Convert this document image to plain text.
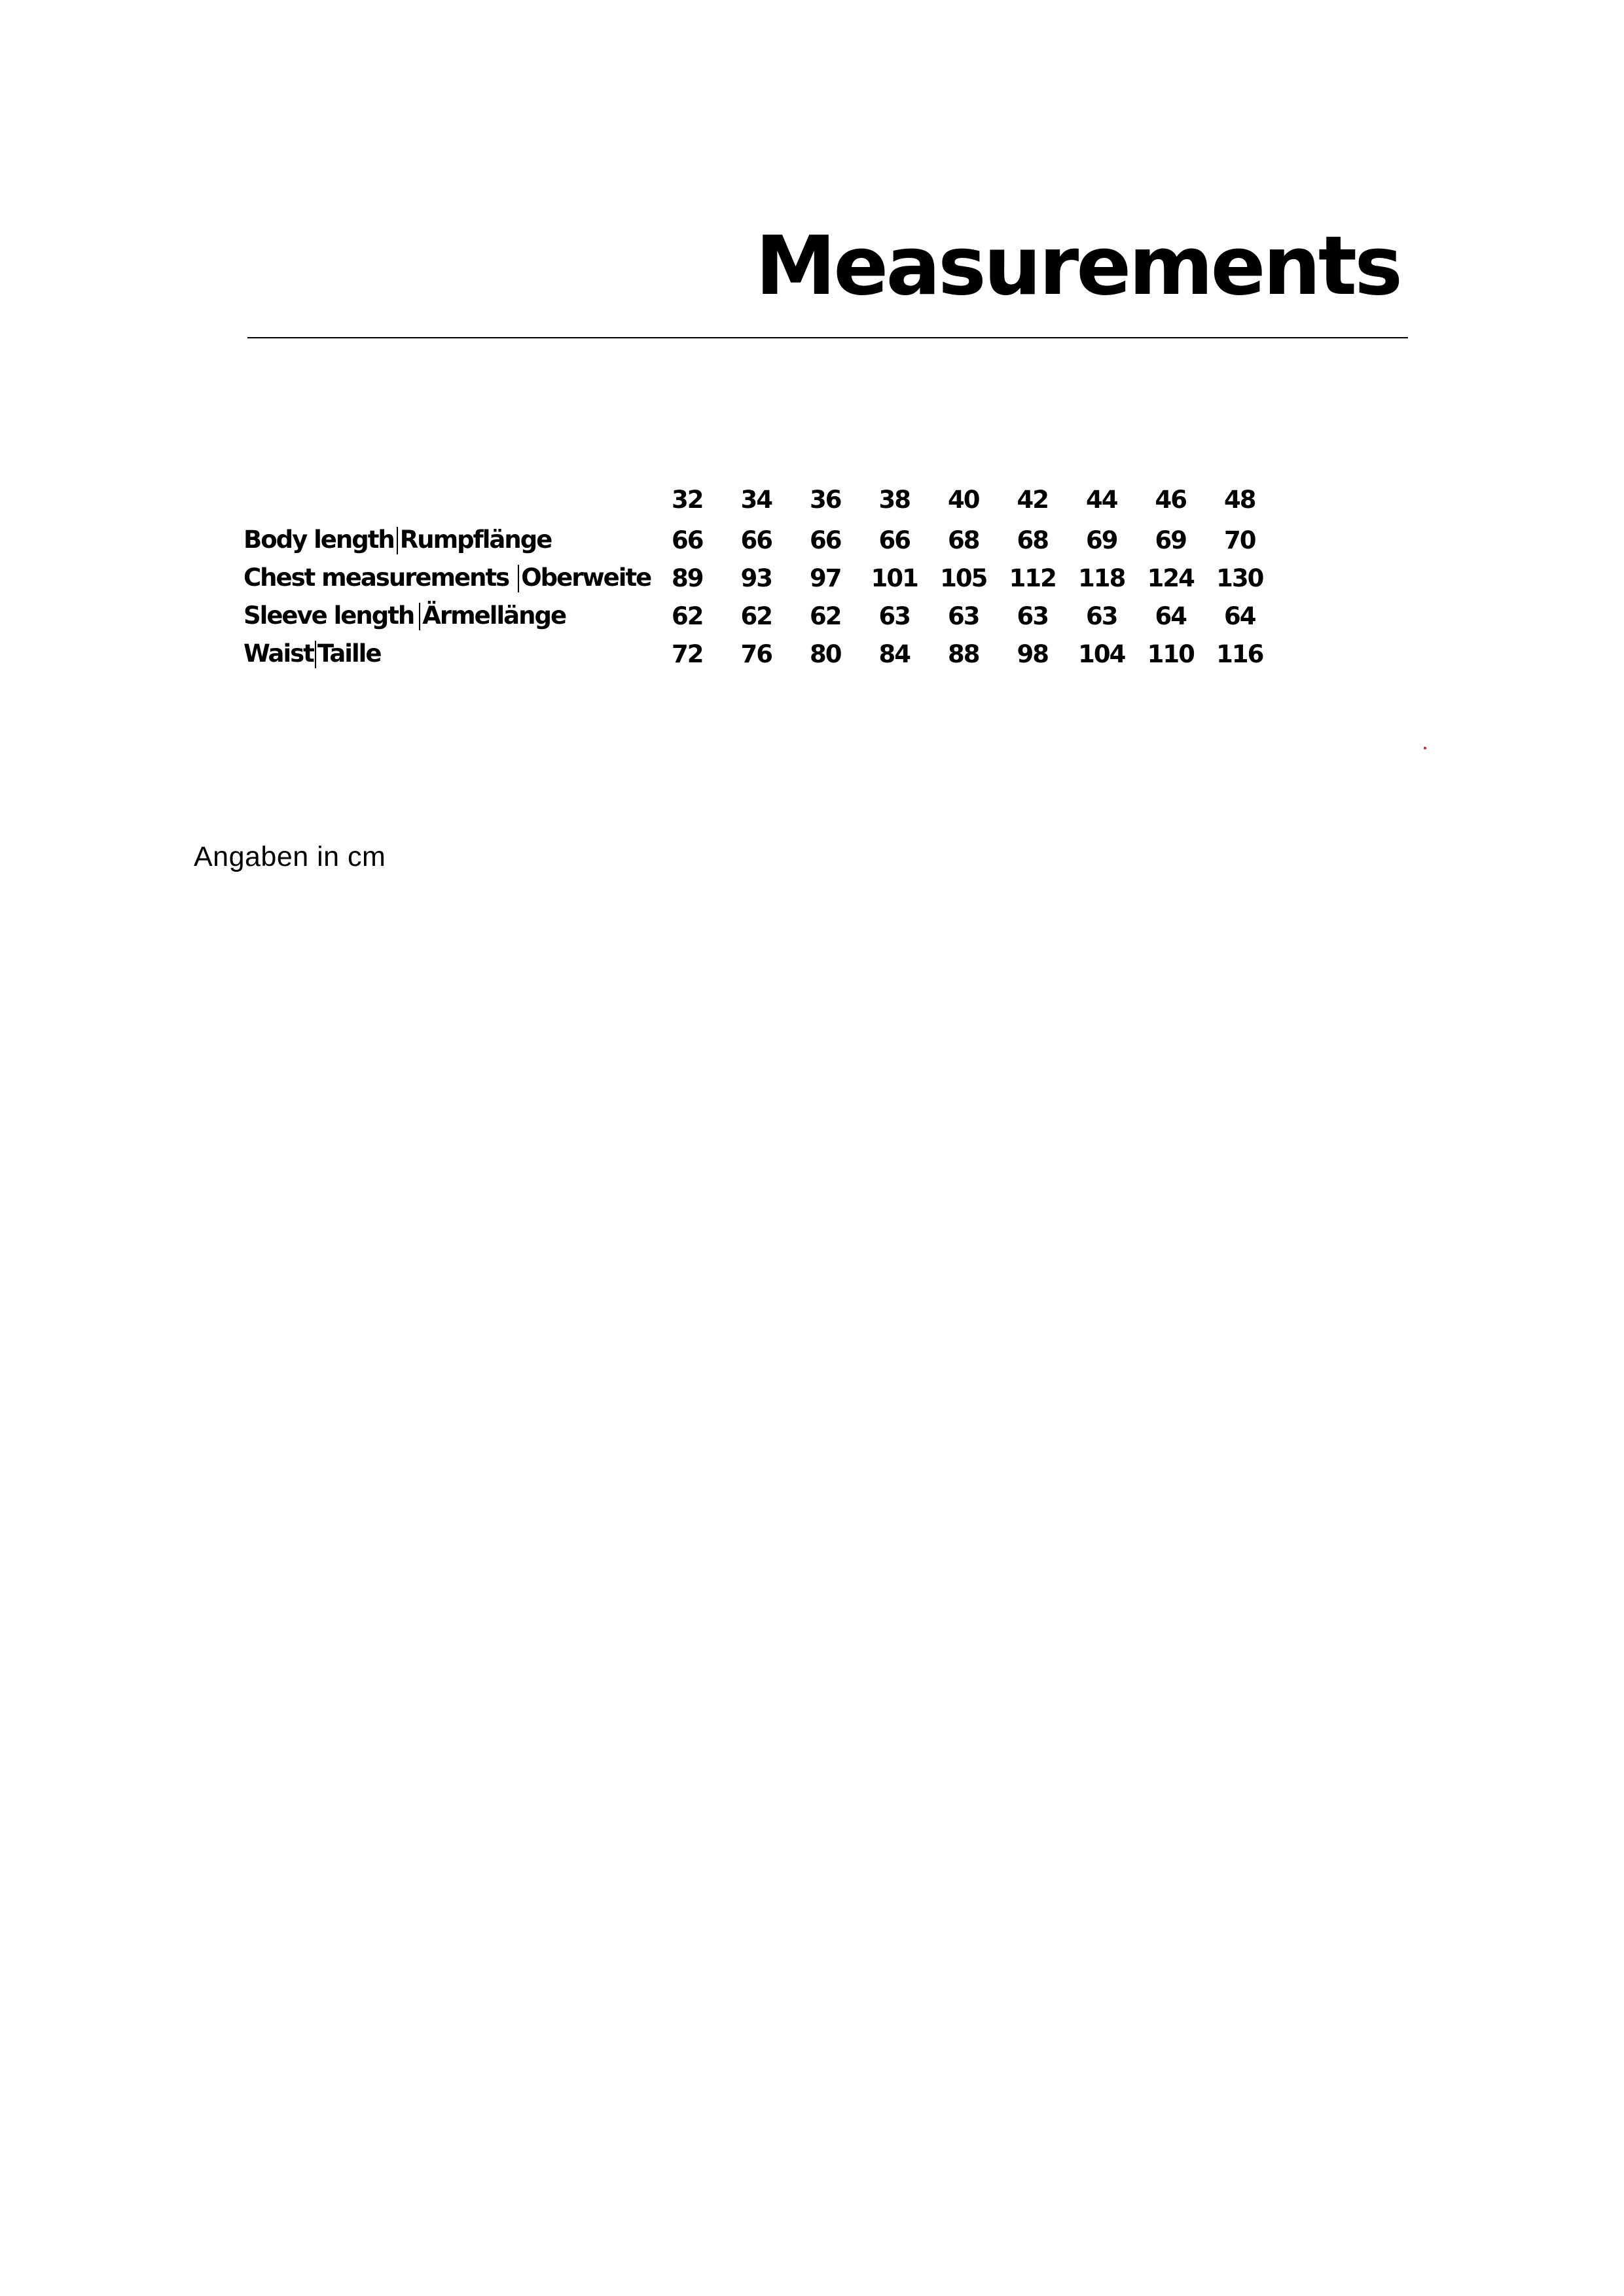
Measurements
	32	34	36	38	40	42	44	46	48
Body length Rumpflänge	66	66	66	66	68	68	69	69	70
Chest measurements Oberweite	89	93	97	101	105	112	118	124	130
Sleeve length Ärmellänge	62	62	62	63	63	63	63	64	64
Waist Taille	72	76	80	84	88	98	104	110	116

Angaben in cm
